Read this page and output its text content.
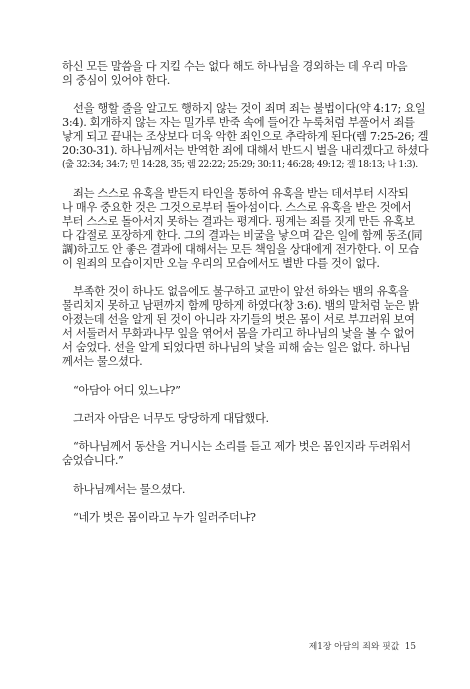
하신 모든 말씀을 다 지킬 수는 없다 해도 하나님을 경외하는 데 우리 마음
의 중심이 있어야 한다.
선을 행할 줄을 알고도 행하지 않는 것이 죄며 죄는 불법이다(약 4:17; 요일
3:4). 회개하지 않는 자는 밀가루 반죽 속에 들어간 누룩처럼 부풀어서 죄를
낳게 되고 끝내는 조상보다 더욱 악한 죄인으로 추락하게 된다(렘 7:25-26; 겔
20:30-31). 하나님께서는 반역한 죄에 대해서 반드시 벌을 내리겠다고 하셨다
(출 32:34; 34:7; 민 14:28, 35; 렘 22:22; 25:29; 30:11; 46:28; 49:12; 겔 18:13; 나 1:3).
죄는 스스로 유혹을 받든지 타인을 통하여 유혹을 받는 데서부터 시작되
나 매우 중요한 것은 그것으로부터 돌아섬이다. 스스로 유혹을 받은 것에서
부터 스스로 돌아서지 못하는 결과는 평계다. 핑계는 죄를 짓게 만든 유혹보
다 갑절로 포장하게 한다. 그의 결과는 비굴을 낳으며 같은 일에 함께 동조(同
調)하고도 안 좋은 결과에 대해서는 모든 책임을 상대에게 전가한다. 이 모습
이 원죄의 모습이지만 오늘 우리의 모습에서도 별반 다를 것이 없다.
부족한 것이 하나도 없음에도 불구하고 교만이 앞선 하와는 뱀의 유혹을
물리치지 못하고 남편까지 함께 망하게 하였다(창 3:6). 뱀의 말처럼 눈은 밝
아졌는데 선을 알게 된 것이 아니라 자기들의 벗은 몸이 서로 부끄러워 보여
서 서둘러서 무화과나무 잎을 엮어서 몸을 가리고 하나님의 낯을 볼 수 없어
서 숨었다. 선을 알게 되었다면 하나님의 낯을 피해 숨는 일은 없다. 하나님
께서는 물으셨다.
“아담아 어디 있느냐?”
그러자 아담은 너무도 당당하게 대답했다.
“하나님께서 동산을 거니시는 소리를 듣고 제가 벗은 몸인지라 두려워서
숨었습니다.”
하나님께서는 물으셨다.
“네가 벗은 몸이라고 누가 일러주더냐?
제1장 아담의 죄와 핏값 15
